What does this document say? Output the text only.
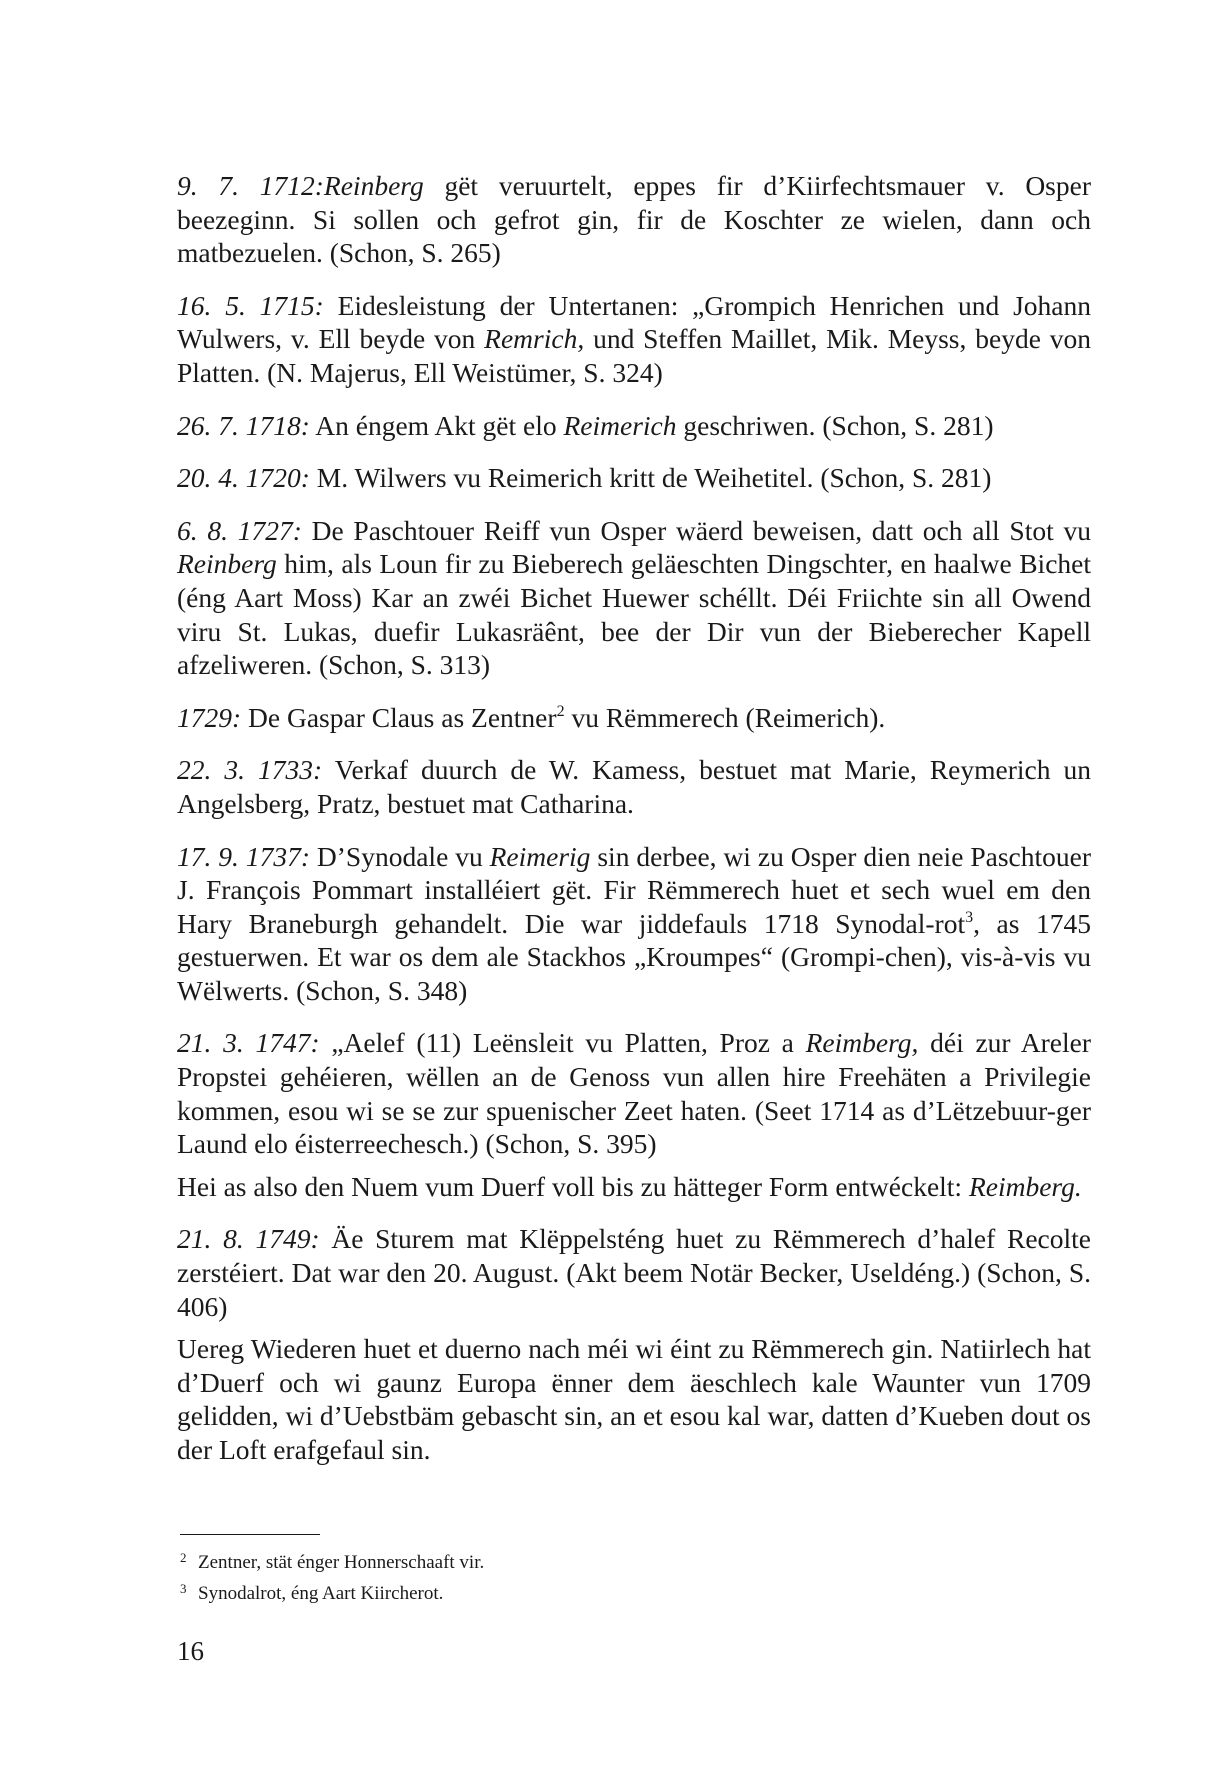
9. 7. 1712:Reinberg gët veruurtelt, eppes fir d’Kiirfechtsmauer v. Osper beezeginn. Si sollen och gefrot gin, fir de Koschter ze wielen, dann och matbezuelen. (Schon, S. 265)

16. 5. 1715: Eidesleistung der Untertanen: „Grompich Henrichen und Johann Wulwers, v. Ell beyde von Remrich, und Steffen Maillet, Mik. Meyss, beyde von Platten. (N. Majerus, Ell Weistümer, S. 324)

26. 7. 1718: An éngem Akt gët elo Reimerich geschriwen. (Schon, S. 281)

20. 4. 1720: M. Wilwers vu Reimerich kritt de Weihetitel. (Schon, S. 281)

6. 8. 1727: De Paschtouer Reiff vun Osper wäerd beweisen, datt och all Stot vu Reinberg him, als Loun fir zu Bieberech geläeschten Dingschter, en haalwe Bichet (éng Aart Moss) Kar an zwéi Bichet Huewer schéllt. Déi Friichte sin all Owend viru St. Lukas, duefir Lukasräênt, bee der Dir vun der Bieberecher Kapell afzeliweren. (Schon, S. 313)

1729: De Gaspar Claus as Zentner$^2$ vu Rëmmerech (Reimerich).

22. 3. 1733: Verkaf duurch de W. Kamess, bestuet mat Marie, Reymerich un Angelsberg, Pratz, bestuet mat Catharina.

17. 9. 1737: D’Synodale vu Reimerig sin derbee, wi zu Osper dien neie Paschtouer J. François Pommart installéiert gët. Fir Rëmmerech huet et sech wuel em den Hary Braneburgh gehandelt. Die war jiddefauls 1718 Synodal-rot$^3$, as 1745 gestuerwen. Et war os dem ale Stackhos „Kroumpes“ (Grompi-chen), vis-à-vis vu Wëlwerts. (Schon, S. 348)

21. 3. 1747: „Aelef (11) Leënsleit vu Platten, Proz a Reimberg, déi zur Areler Propstei gehéieren, wëllen an de Genoss vun allen hire Freehäten a Privilegie kommen, esou wi se se zur spuenischer Zeet haten. (Seet 1714 as d’Lëtzebuur-ger Laund elo éisterreechesch.) (Schon, S. 395)

Hei as also den Nuem vum Duerf voll bis zu hätteger Form entwéckelt: Reimberg.

21. 8. 1749: Äe Sturem mat Klëppelsténg huet zu Rëmmerech d’halef Recolte zerstéiert. Dat war den 20. August. (Akt beem Notär Becker, Useldéng.) (Schon, S. 406)

Uereg Wiederen huet et duerno nach méi wi éint zu Rëmmerech gin. Natiirlech hat d’Duerf och wi gaunz Europa ënner dem äeschlech kale Waunter vun 1709 gelidden, wi d’Uebstbäm gebascht sin, an et esou kal war, datten d’Kueben dout os der Loft erafgefaul sin.

2 Zentner, stät énger Honnerschaaft vir.
3 Synodalrot, éng Aart Kiircherot.
16
